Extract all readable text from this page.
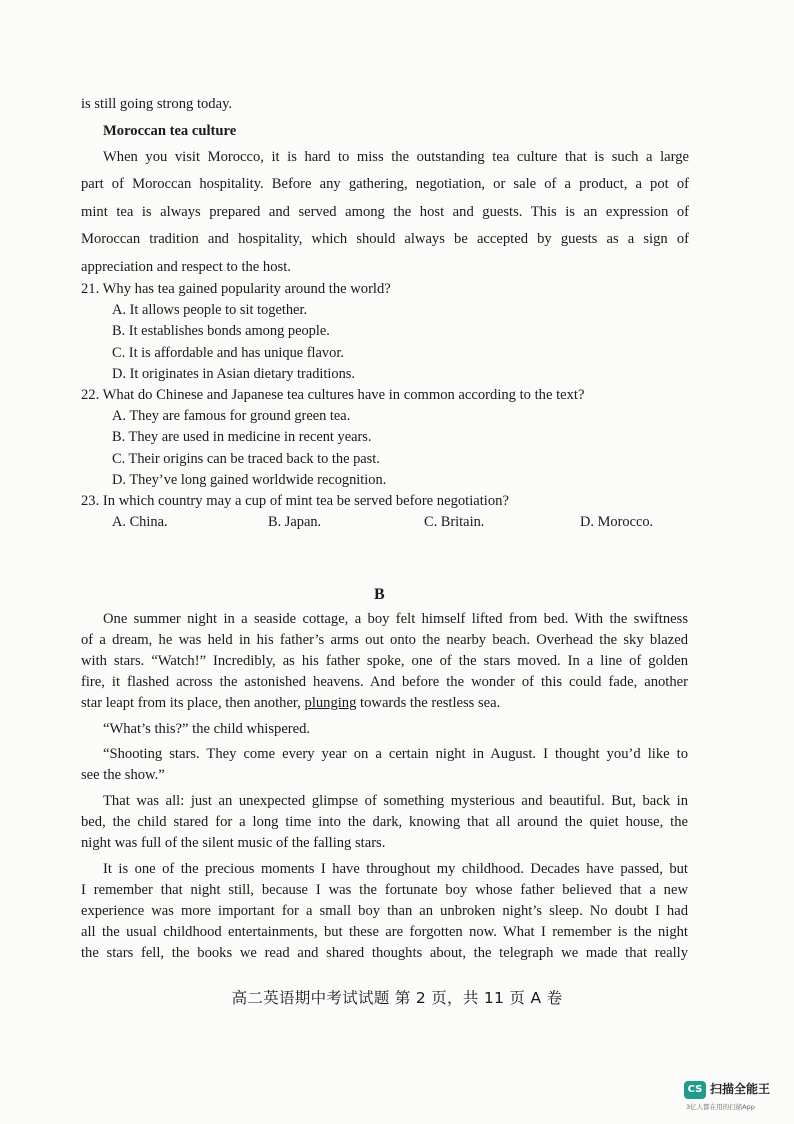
is still going strong today.
Moroccan tea culture
When you visit Morocco, it is hard to miss the outstanding tea culture that is such a large
part of Moroccan hospitality. Before any gathering, negotiation, or sale of a product, a pot of
mint tea is always prepared and served among the host and guests. This is an expression of
Moroccan tradition and hospitality, which should always be accepted by guests as a sign of
appreciation and respect to the host.
21. Why has tea gained popularity around the world?
A. It allows people to sit together.
B. It establishes bonds among people.
C. It is affordable and has unique flavor.
D. It originates in Asian dietary traditions.
22. What do Chinese and Japanese tea cultures have in common according to the text?
A. They are famous for ground green tea.
B. They are used in medicine in recent years.
C. Their origins can be traced back to the past.
D. They’ve long gained worldwide recognition.
23. In which country may a cup of mint tea be served before negotiation?
A. China.	B. Japan.	C. Britain.	D. Morocco.
B
One summer night in a seaside cottage, a boy felt himself lifted from bed. With the swiftness
of a dream, he was held in his father’s arms out onto the nearby beach. Overhead the sky blazed
with stars. “Watch!” Incredibly, as his father spoke, one of the stars moved. In a line of golden
fire, it flashed across the astonished heavens. And before the wonder of this could fade, another
star leapt from its place, then another, plunging towards the restless sea.
“What’s this?” the child whispered.
“Shooting stars. They come every year on a certain night in August. I thought you’d like to
see the show.”
That was all: just an unexpected glimpse of something mysterious and beautiful. But, back in
bed, the child stared for a long time into the dark, knowing that all around the quiet house, the
night was full of the silent music of the falling stars.
It is one of the precious moments I have throughout my childhood. Decades have passed, but
I remember that night still, because I was the fortunate boy whose father believed that a new
experience was more important for a small boy than an unbroken night’s sleep. No doubt I had
all the usual childhood entertainments, but these are forgotten now. What I remember is the night
the stars fell, the books we read and shared thoughts about, the telegraph we made that really
高二英语期中考试试题 第 2 页，共 11 页 A 卷
CS 扫描全能王
3亿人都在用的扫描App
